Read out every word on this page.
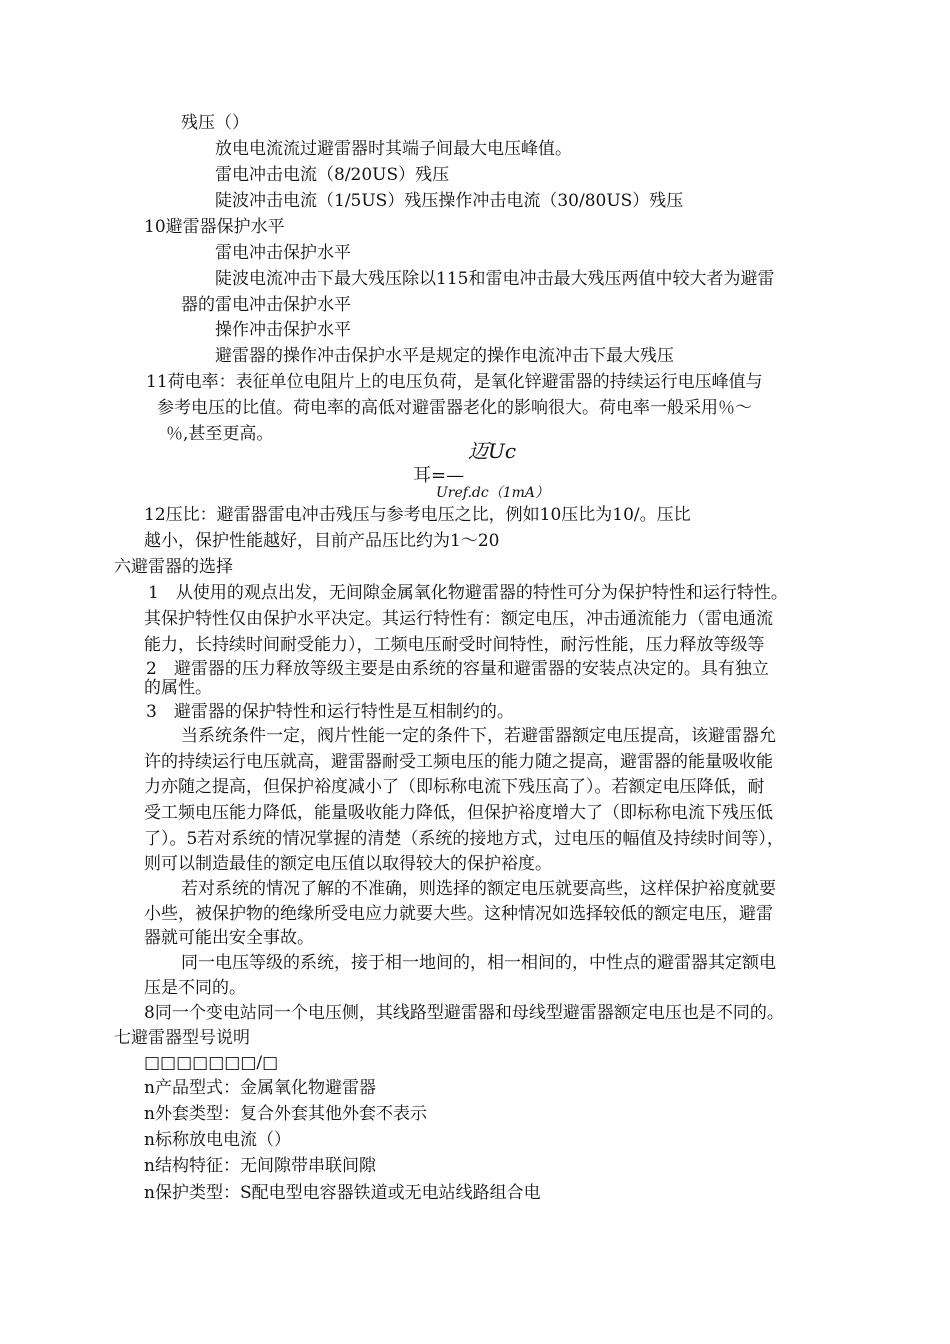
残压（）
放电电流流过避雷器时其端子间最大电压峰值。
雷电冲击电流（8/20US）残压
陡波冲击电流（1/5US）残压操作冲击电流（30/80US）残压
10避雷器保护水平
雷电冲击保护水平
陡波电流冲击下最大残压除以115和雷电冲击最大残压两值中较大者为避雷
器的雷电冲击保护水平
操作冲击保护水平
避雷器的操作冲击保护水平是规定的操作电流冲击下最大残压
11荷电率：表征单位电阻片上的电压负荷，是氧化锌避雷器的持续运行电压峰值与
参考电压的比值。荷电率的高低对避雷器老化的影响很大。荷电率一般采用％～
％,甚至更高。
迈Uc
耳=—
Uref.dc（1mA）
12压比：避雷器雷电冲击残压与参考电压之比，例如10压比为10/。压比
越小，保护性能越好，目前产品压比约为1～20
六避雷器的选择
1　从使用的观点出发，无间隙金属氧化物避雷器的特性可分为保护特性和运行特性。
其保护特性仅由保护水平决定。其运行特性有：额定电压，冲击通流能力（雷电通流
能力，长持续时间耐受能力），工频电压耐受时间特性，耐污性能，压力释放等级等
2　避雷器的压力释放等级主要是由系统的容量和避雷器的安装点决定的。具有独立
的属性。
3　避雷器的保护特性和运行特性是互相制约的。
当系统条件一定，阀片性能一定的条件下，若避雷器额定电压提高，该避雷器允
许的持续运行电压就高，避雷器耐受工频电压的能力随之提高，避雷器的能量吸收能
力亦随之提高，但保护裕度减小了（即标称电流下残压高了）。若额定电压降低，耐
受工频电压能力降低，能量吸收能力降低，但保护裕度增大了（即标称电流下残压低
了）。5若对系统的情况掌握的清楚（系统的接地方式，过电压的幅值及持续时间等），
则可以制造最佳的额定电压值以取得较大的保护裕度。
若对系统的情况了解的不准确，则选择的额定电压就要高些，这样保护裕度就要
小些，被保护物的绝缘所受电应力就要大些。这种情况如选择较低的额定电压，避雷
器就可能出安全事故。
同一电压等级的系统，接于相一地间的，相一相间的，中性点的避雷器其定额电
压是不同的。
8同一个变电站同一个电压侧，其线路型避雷器和母线型避雷器额定电压也是不同的。
七避雷器型号说明
□□□□□□□/□
n产品型式：金属氧化物避雷器
n外套类型：复合外套其他外套不表示
n标称放电电流（）
n结构特征：无间隙带串联间隙
n保护类型：S配电型电容器铁道或无电站线路组合电
